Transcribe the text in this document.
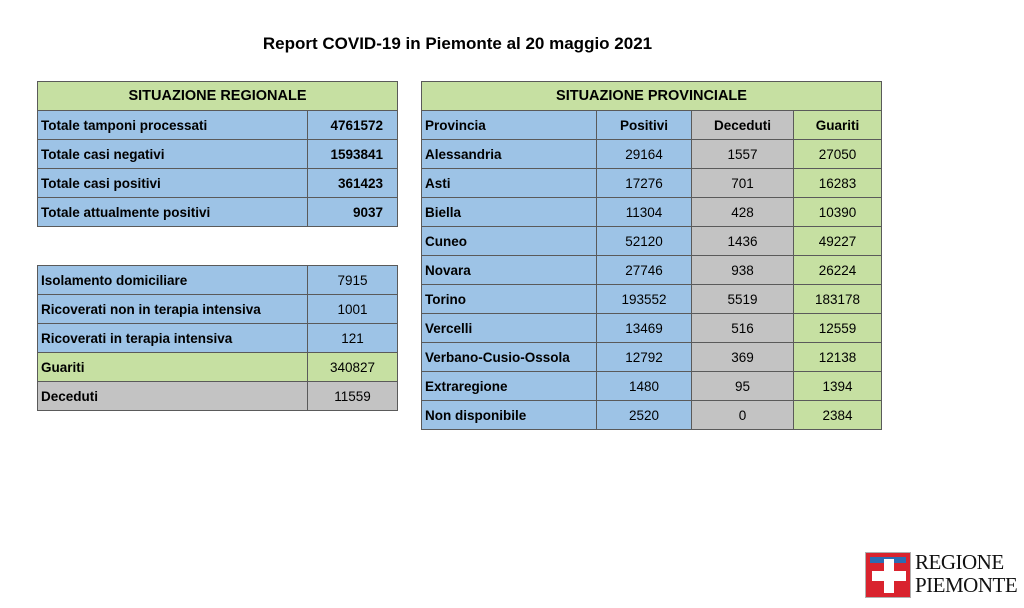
Report COVID-19 in Piemonte al 20 maggio 2021
SITUAZIONE REGIONALE	
Totale tamponi processati	4761572
Totale casi negativi	1593841
Totale casi positivi	361423
Totale attualmente positivi	9037
Isolamento domiciliare	7915
Ricoverati non in terapia intensiva	1001
Ricoverati in terapia intensiva	121
Guariti	340827
Deceduti	11559
SITUAZIONE PROVINCIALE			
Provincia	Positivi	Deceduti	Guariti
Alessandria	29164	1557	27050
Asti	17276	701	16283
Biella	11304	428	10390
Cuneo	52120	1436	49227
Novara	27746	938	26224
Torino	193552	5519	183178
Vercelli	13469	516	12559
Verbano-Cusio-Ossola	12792	369	12138
Extraregione	1480	95	1394
Non disponibile	2520	0	2384
REGIONE
PIEMONTE
